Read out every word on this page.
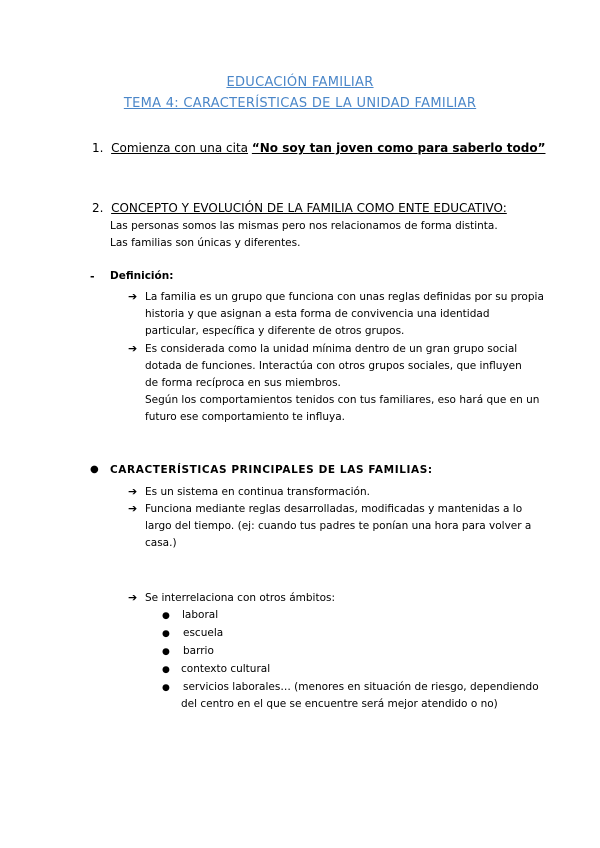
EDUCACIÓN FAMILIAR
TEMA 4: CARACTERÍSTICAS DE LA UNIDAD FAMILIAR
1. Comienza con una cita “No soy tan joven como para saberlo todo”
2. CONCEPTO Y EVOLUCIÓN DE LA FAMILIA COMO ENTE EDUCATIVO:
Las personas somos las mismas pero nos relacionamos de forma distinta.
Las familias son únicas y diferentes.
- Definición:
➔ La familia es un grupo que funciona con unas reglas definidas por su propia
historia y que asignan a esta forma de convivencia una identidad
particular, específica y diferente de otros grupos.
➔ Es considerada como la unidad mínima dentro de un gran grupo social
dotada de funciones. Interactúa con otros grupos sociales, que influyen
de forma recíproca en sus miembros.
Según los comportamientos tenidos con tus familiares, eso hará que en un
futuro ese comportamiento te influya.
● CARACTERÍSTICAS PRINCIPALES DE LAS FAMILIAS:
➔ Es un sistema en continua transformación.
➔ Funciona mediante reglas desarrolladas, modificadas y mantenidas a lo
largo del tiempo. (ej: cuando tus padres te ponían una hora para volver a
casa.)
➔ Se interrelaciona con otros ámbitos:
● laboral
● escuela
● barrio
● contexto cultural
● servicios laborales… (menores en situación de riesgo, dependiendo
del centro en el que se encuentre será mejor atendido o no)
